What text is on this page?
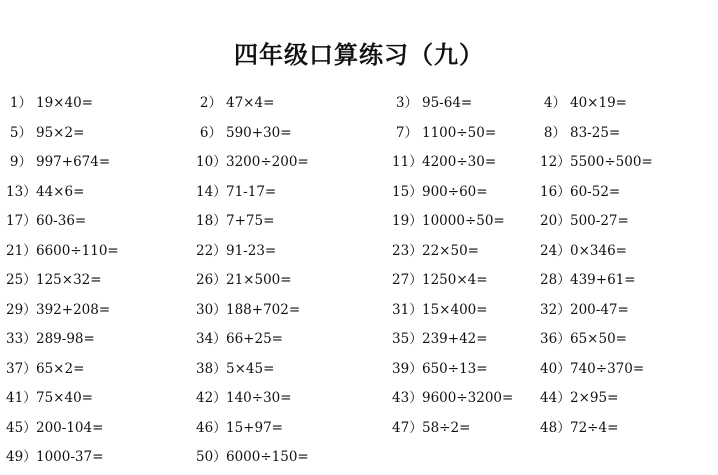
四年级口算练习（九）
1） 19×40=	2） 47×4=	3） 95-64=	4） 40×19=
5） 95×2=	6） 590+30=	7） 1100÷50=	8） 83-25=
9） 997+674=	10）3200÷200=	11）4200÷30=	12）5500÷500=
13）44×6=	14）71-17=	15）900÷60=	16）60-52=
17）60-36=	18）7+75=	19）10000÷50=	20）500-27=
21）6600÷110=	22）91-23=	23）22×50=	24）0×346=
25）125×32=	26）21×500=	27）1250×4=	28）439+61=
29）392+208=	30）188+702=	31）15×400=	32）200-47=
33）289-98=	34）66+25=	35）239+42=	36）65×50=
37）65×2=	38）5×45=	39）650÷13=	40）740÷370=
41）75×40=	42）140÷30=	43）9600÷3200= 44）2×95=
45）200-104=	46）15+97=	47）58÷2=	48）72÷4=
49）1000-37=	50）6000÷150=
